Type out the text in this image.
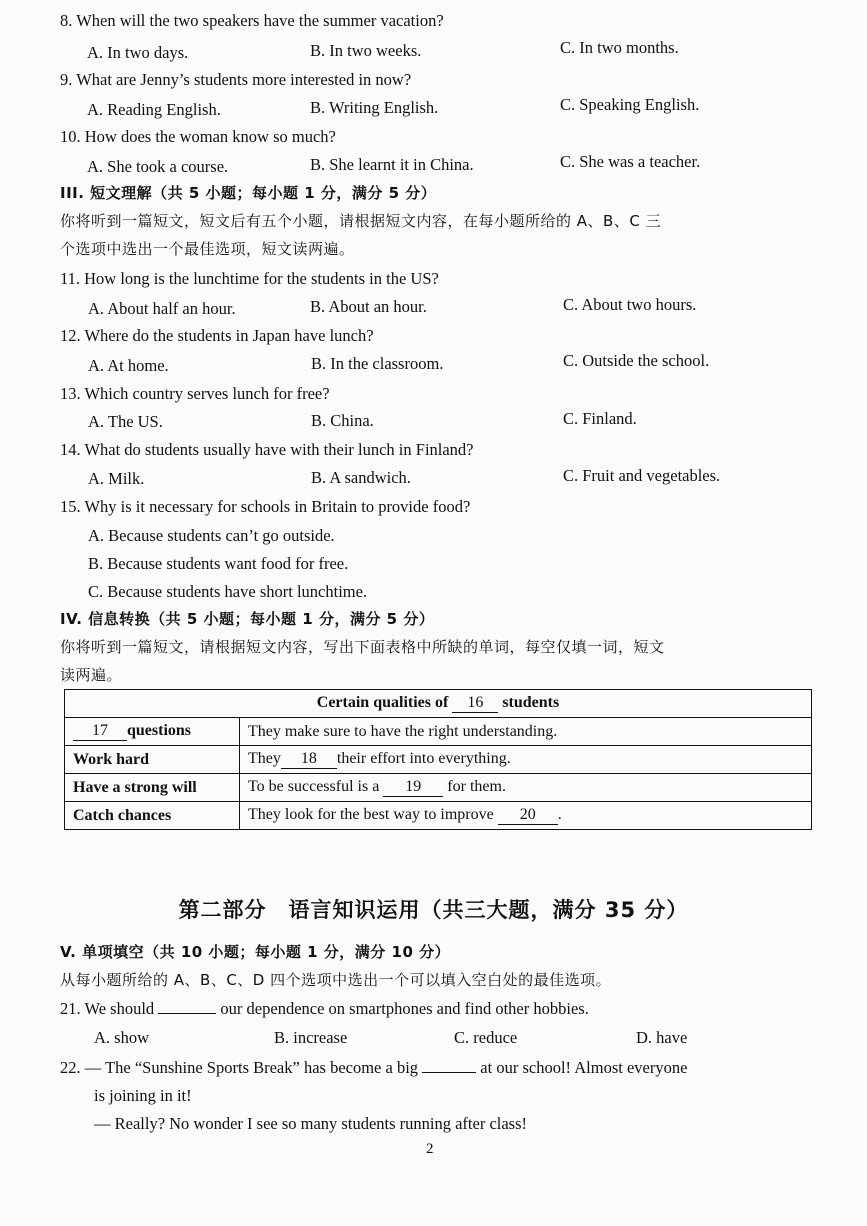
8. When will the two speakers have the summer vacation?
A. In two days.	B. In two weeks.	C. In two months.
9. What are Jenny’s students more interested in now?
A. Reading English.	B. Writing English.	C. Speaking English.
10. How does the woman know so much?
A. She took a course.	B. She learnt it in China.	C. She was a teacher.
III. 短文理解（共 5 小题；每小题 1 分，满分 5 分）
你将听到一篇短文，短文后有五个小题，请根据短文内容，在每小题所给的 A、B、C 三
个选项中选出一个最佳选项，短文读两遍。
11. How long is the lunchtime for the students in the US?
A. About half an hour.	B. About an hour.	C. About two hours.
12. Where do the students in Japan have lunch?
A. At home.	B. In the classroom.	C. Outside the school.
13. Which country serves lunch for free?
A. The US.	B. China.	C. Finland.
14. What do students usually have with their lunch in Finland?
A. Milk.	B. A sandwich.	C. Fruit and vegetables.
15. Why is it necessary for schools in Britain to provide food?
A. Because students can’t go outside.
B. Because students want food for free.
C. Because students have short lunchtime.
IV. 信息转换（共 5 小题；每小题 1 分，满分 5 分）
你将听到一篇短文，请根据短文内容，写出下面表格中所缺的单词，每空仅填一词，短文
读两遍。
Certain qualities of 16 students	
17 questions	They make sure to have the right understanding.
Work hard	They 18 their effort into everything.
Have a strong will	To be successful is a 19 for them.
Catch chances	They look for the best way to improve 20 .
第二部分　语言知识运用（共三大题，满分 35 分）
V. 单项填空（共 10 小题；每小题 1 分，满分 10 分）
从每小题所给的 A、B、C、D 四个选项中选出一个可以填入空白处的最佳选项。
21. We should	our dependence on smartphones and find other hobbies.
A. show	B. increase	C. reduce	D. have
22. — The “Sunshine Sports Break” has become a big	at our school! Almost everyone
is joining in it!
— Really? No wonder I see so many students running after class!
2
